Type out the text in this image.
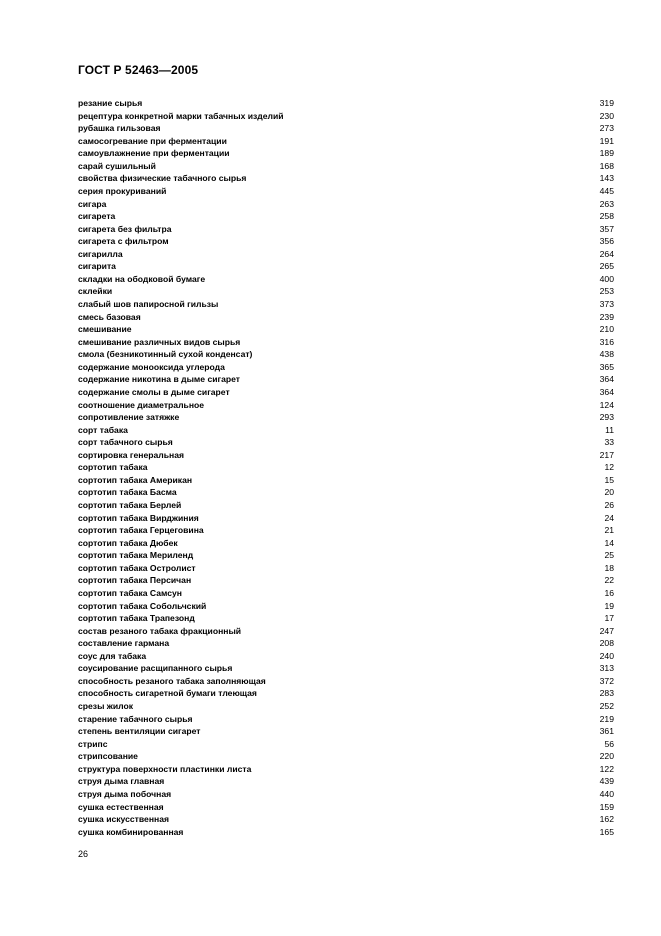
ГОСТ Р 52463—2005
резание сырья	319
рецептура конкретной марки табачных изделий	230
рубашка гильзовая	273
самосогревание при ферментации	191
самоувлажнение при ферментации	189
сарай сушильный	168
свойства физические табачного сырья	143
серия прокуриваний	445
сигара	263
сигарета	258
сигарета без фильтра	357
сигарета с фильтром	356
сигарилла	264
сигарита	265
складки на ободковой бумаге	400
склейки	253
слабый шов папиросной гильзы	373
смесь базовая	239
смешивание	210
смешивание различных видов сырья	316
смола (безникотинный сухой конденсат)	438
содержание монооксида углерода	365
содержание никотина в дыме сигарет	364
содержание смолы в дыме сигарет	364
соотношение диаметральное	124
сопротивление затяжке	293
сорт табака	11
сорт табачного сырья	33
сортировка генеральная	217
сортотип табака	12
сортотип табака Американ	15
сортотип табака Басма	20
сортотип табака Берлей	26
сортотип табака Вирджиния	24
сортотип табака Герцеговина	21
сортотип табака Дюбек	14
сортотип табака Мериленд	25
сортотип табака Остролист	18
сортотип табака Персичан	22
сортотип табака Самсун	16
сортотип табака Собольчский	19
сортотип табака Трапезонд	17
состав резаного табака фракционный	247
составление гармана	208
соус для табака	240
соусирование расщипанного сырья	313
способность резаного табака заполняющая	372
способность сигаретной бумаги тлеющая	283
срезы жилок	252
старение табачного сырья	219
степень вентиляции сигарет	361
стрипс	56
стрипсование	220
структура поверхности пластинки листа	122
струя дыма главная	439
струя дыма побочная	440
сушка естественная	159
сушка искусственная	162
сушка комбинированная	165
26
